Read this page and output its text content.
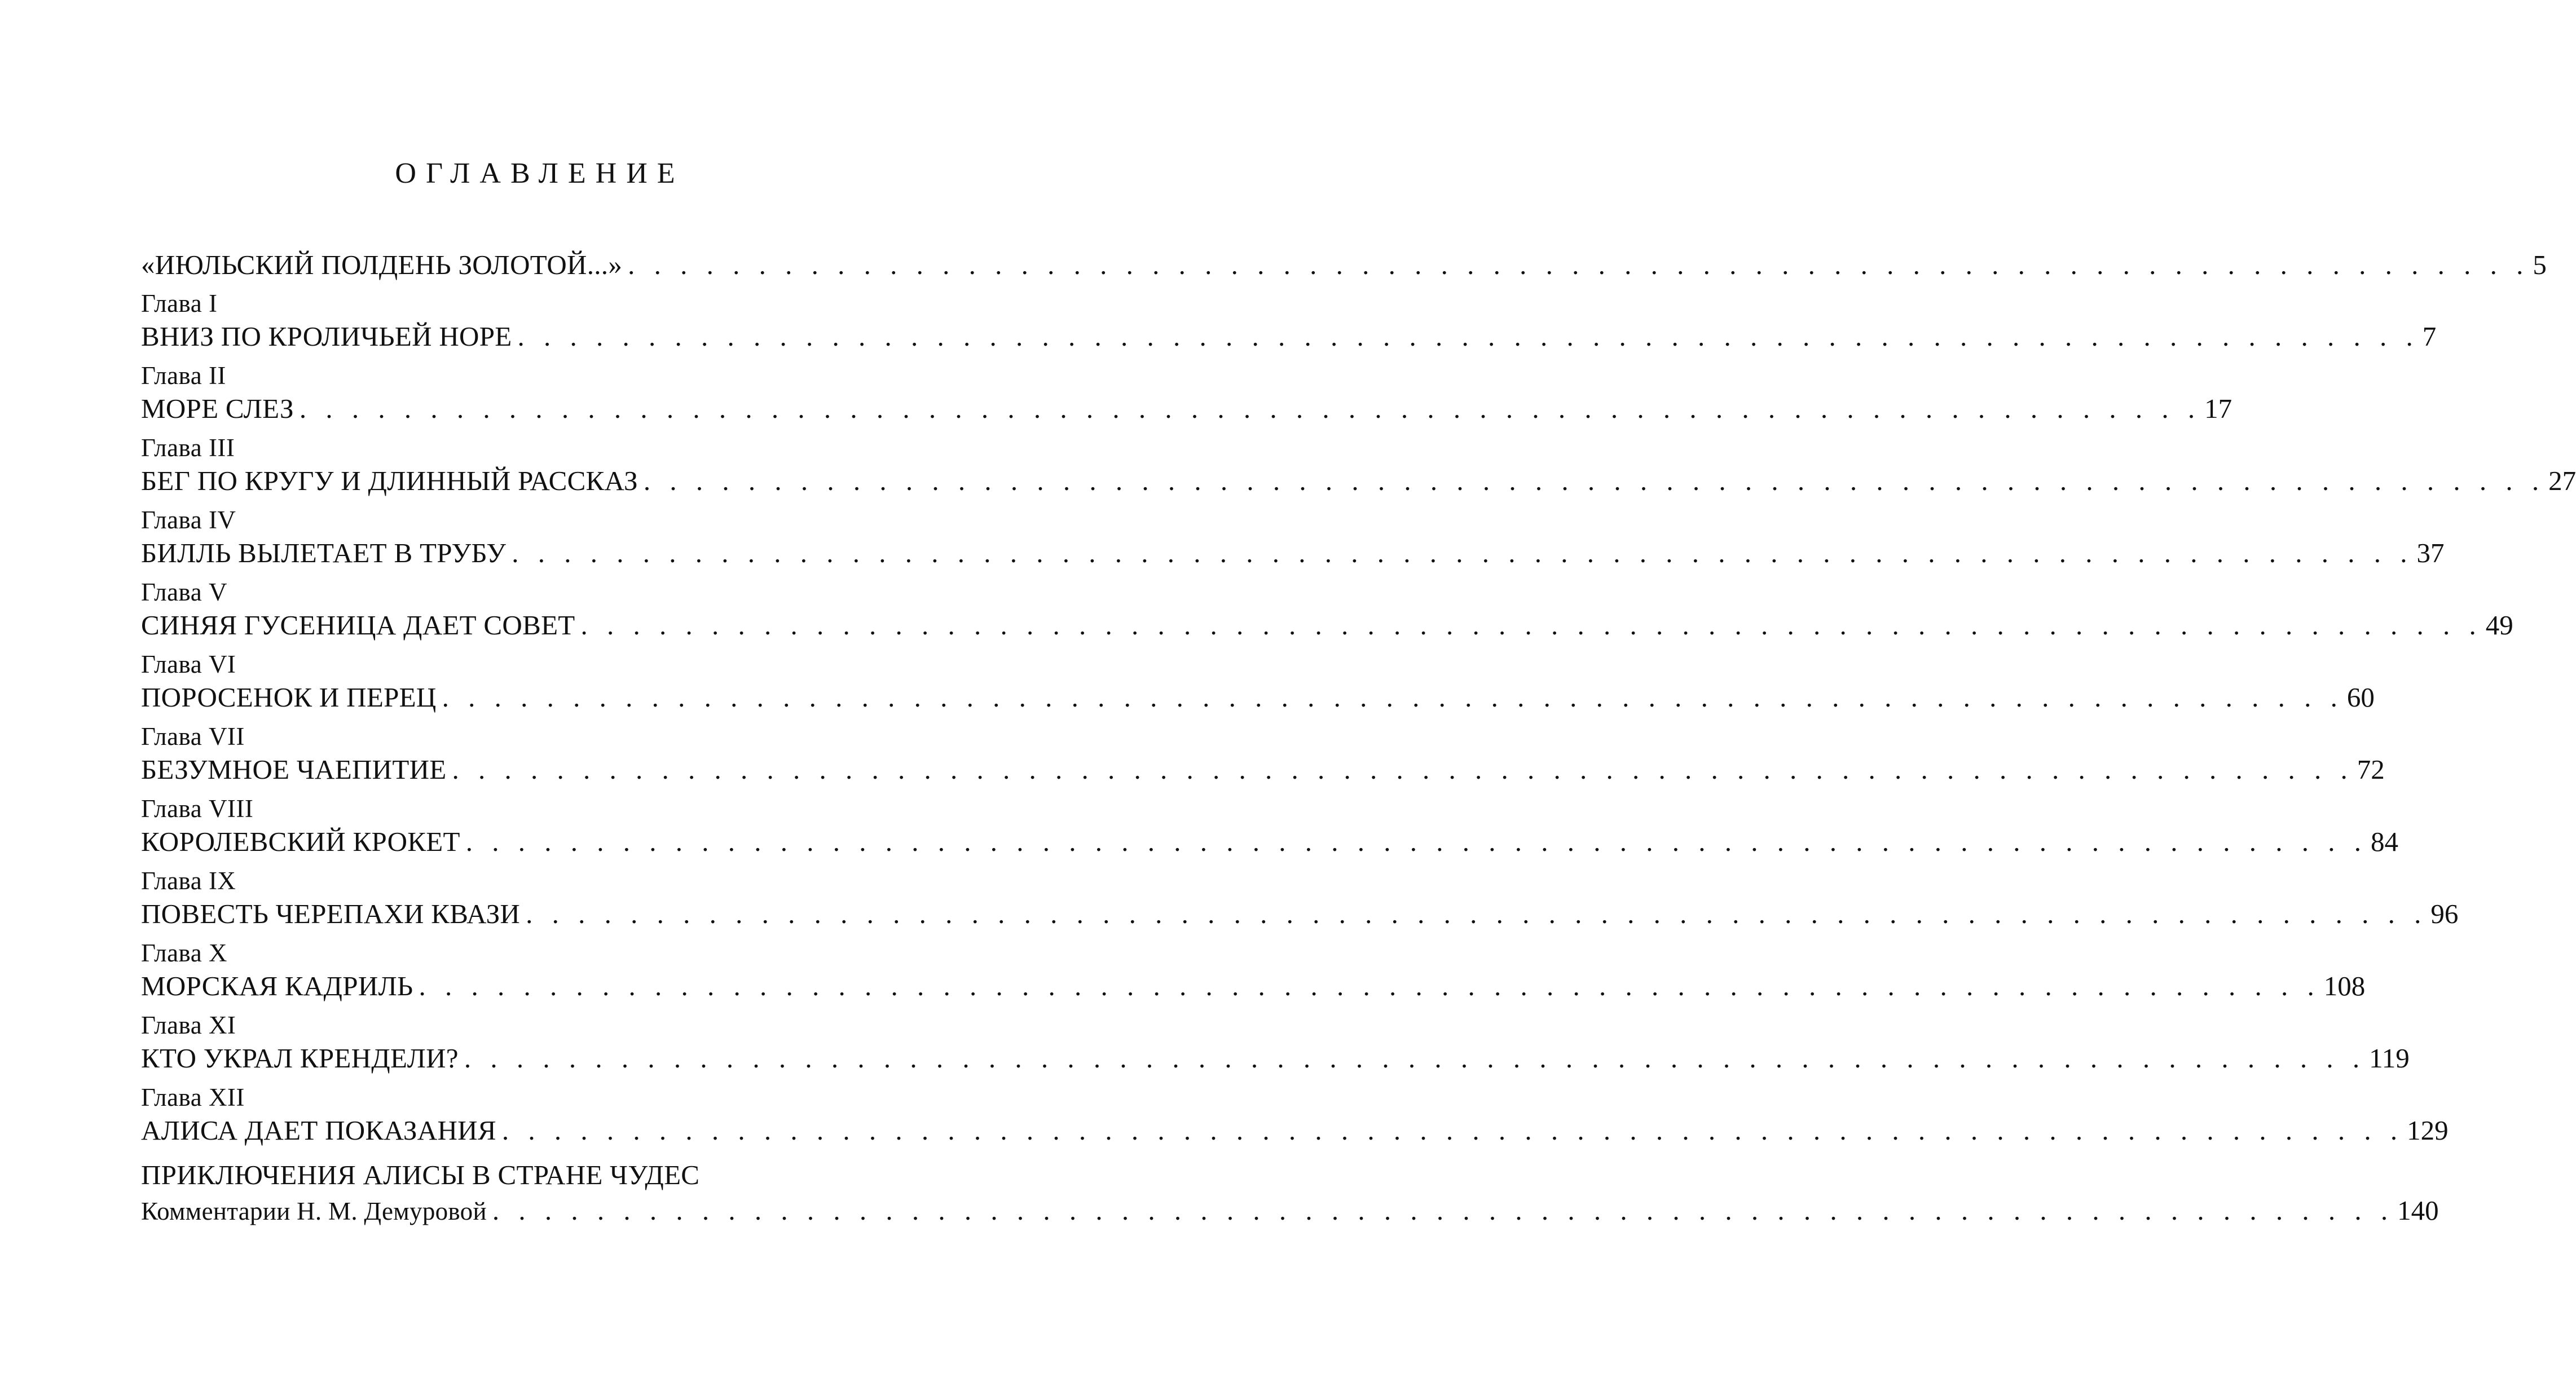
ОГЛАВЛЕНИЕ
«ИЮЛЬСКИЙ ПОЛДЕНЬ ЗОЛОТОЙ...» . . . . . . . . . . . . . . . . . . . . . . . . . . . . . . . . . . . . . . . . . . . . . . . . . . . . . . . . . . . . . . . . . . . . . . . . . 5
Глава I
ВНИЗ ПО КРОЛИЧЬЕЙ НОРЕ . . . . . . . . . . . . . . . . . . . . . . . . . . . . . . . . . . . . . . . . . . . . . . . . . . . . . . . . . . . . . . . . . . . . . . . . . 7
Глава II
МОРЕ СЛЕЗ . . . . . . . . . . . . . . . . . . . . . . . . . . . . . . . . . . . . . . . . . . . . . . . . . . . . . . . . . . . . . . . . . . . . . . . . . 17
Глава III
БЕГ ПО КРУГУ И ДЛИННЫЙ РАССКАЗ . . . . . . . . . . . . . . . . . . . . . . . . . . . . . . . . . . . . . . . . . . . . . . . . . . . . . . . . . . . . . . . . . . . . . . . . . 27
Глава IV
БИЛЛЬ ВЫЛЕТАЕТ В ТРУБУ . . . . . . . . . . . . . . . . . . . . . . . . . . . . . . . . . . . . . . . . . . . . . . . . . . . . . . . . . . . . . . . . . . . . . . . . . 37
Глава V
СИНЯЯ ГУСЕНИЦА ДАЕТ СОВЕТ . . . . . . . . . . . . . . . . . . . . . . . . . . . . . . . . . . . . . . . . . . . . . . . . . . . . . . . . . . . . . . . . . . . . . . . . . 49
Глава VI
ПОРОСЕНОК И ПЕРЕЦ . . . . . . . . . . . . . . . . . . . . . . . . . . . . . . . . . . . . . . . . . . . . . . . . . . . . . . . . . . . . . . . . . . . . . . . . . 60
Глава VII
БЕЗУМНОЕ ЧАЕПИТИЕ . . . . . . . . . . . . . . . . . . . . . . . . . . . . . . . . . . . . . . . . . . . . . . . . . . . . . . . . . . . . . . . . . . . . . . . . . 72
Глава VIII
КОРОЛЕВСКИЙ КРОКЕТ . . . . . . . . . . . . . . . . . . . . . . . . . . . . . . . . . . . . . . . . . . . . . . . . . . . . . . . . . . . . . . . . . . . . . . . . . 84
Глава IX
ПОВЕСТЬ ЧЕРЕПАХИ КВАЗИ . . . . . . . . . . . . . . . . . . . . . . . . . . . . . . . . . . . . . . . . . . . . . . . . . . . . . . . . . . . . . . . . . . . . . . . . . 96
Глава X
МОРСКАЯ КАДРИЛЬ . . . . . . . . . . . . . . . . . . . . . . . . . . . . . . . . . . . . . . . . . . . . . . . . . . . . . . . . . . . . . . . . . . . . . . . . . 108
Глава XI
КТО УКРАЛ КРЕНДЕЛИ? . . . . . . . . . . . . . . . . . . . . . . . . . . . . . . . . . . . . . . . . . . . . . . . . . . . . . . . . . . . . . . . . . . . . . . . . . 119
Глава XII
АЛИСА ДАЕТ ПОКАЗАНИЯ . . . . . . . . . . . . . . . . . . . . . . . . . . . . . . . . . . . . . . . . . . . . . . . . . . . . . . . . . . . . . . . . . . . . . . . . . 129
ПРИКЛЮЧЕНИЯ АЛИСЫ В СТРАНЕ ЧУДЕС
Комментарии Н. М. Демуровой . . . . . . . . . . . . . . . . . . . . . . . . . . . . . . . . . . . . . . . . . . . . . . . . . . . . . . . . . . . . . . . . . . . . . . . . . 140
